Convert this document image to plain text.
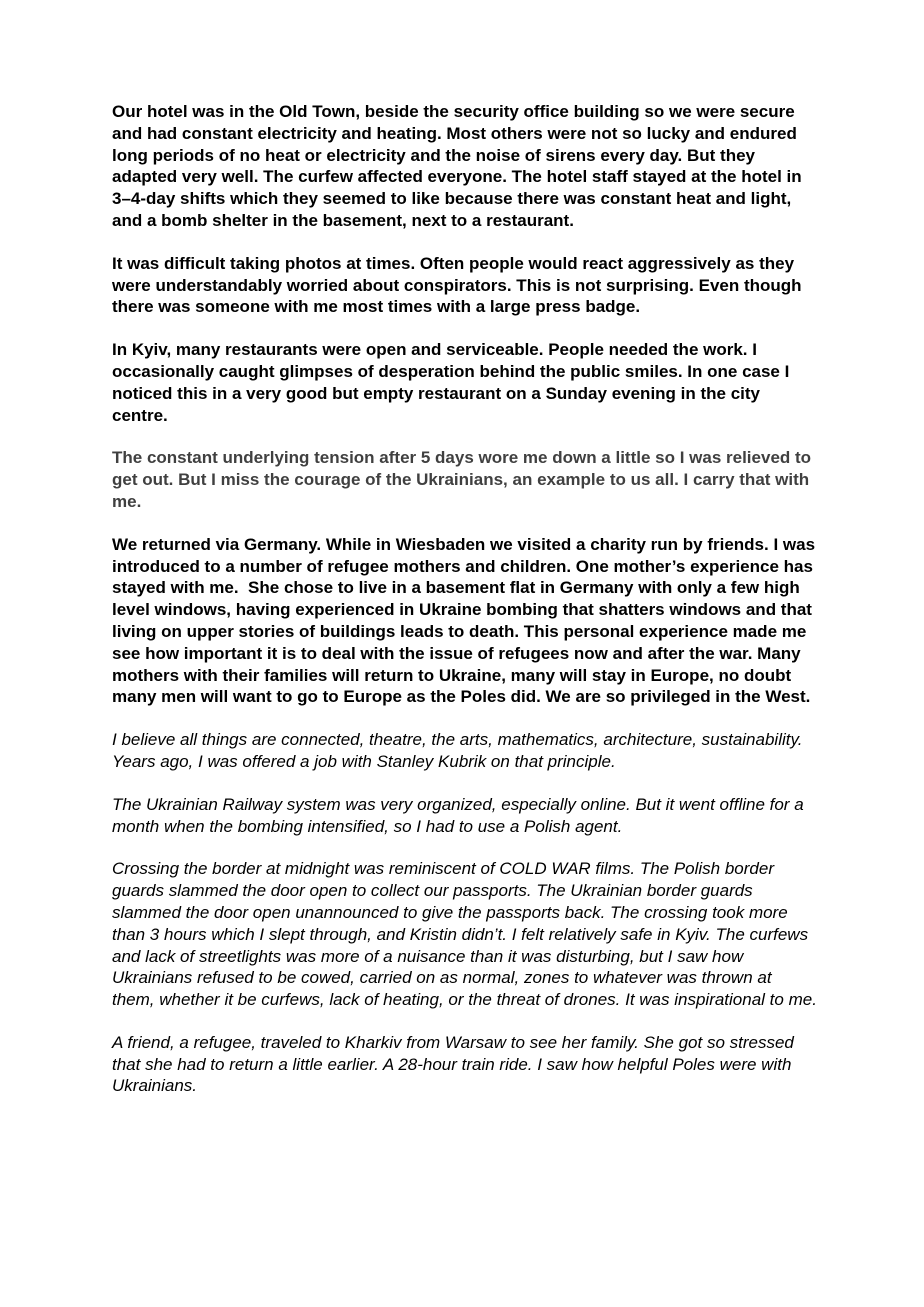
Our hotel was in the Old Town, beside the security office building so we were secure and had constant electricity and heating. Most others were not so lucky and endured long periods of no heat or electricity and the noise of sirens every day. But they adapted very well. The curfew affected everyone. The hotel staff stayed at the hotel in 3–4-day shifts which they seemed to like because there was constant heat and light, and a bomb shelter in the basement, next to a restaurant.

It was difficult taking photos at times. Often people would react aggressively as they were understandably worried about conspirators. This is not surprising. Even though there was someone with me most times with a large press badge.

In Kyiv, many restaurants were open and serviceable. People needed the work. I occasionally caught glimpses of desperation behind the public smiles. In one case I noticed this in a very good but empty restaurant on a Sunday evening in the city centre.

The constant underlying tension after 5 days wore me down a little so I was relieved to get out. But I miss the courage of the Ukrainians, an example to us all. I carry that with me.

We returned via Germany. While in Wiesbaden we visited a charity run by friends. I was introduced to a number of refugee mothers and children. One mother’s experience has stayed with me.  She chose to live in a basement flat in Germany with only a few high level windows, having experienced in Ukraine bombing that shatters windows and that living on upper stories of buildings leads to death. This personal experience made me see how important it is to deal with the issue of refugees now and after the war. Many mothers with their families will return to Ukraine, many will stay in Europe, no doubt many men will want to go to Europe as the Poles did. We are so privileged in the West.

I believe all things are connected, theatre, the arts, mathematics, architecture, sustainability. Years ago, I was offered a job with Stanley Kubrik on that principle.

The Ukrainian Railway system was very organized, especially online. But it went offline for a month when the bombing intensified, so I had to use a Polish agent.

Crossing the border at midnight was reminiscent of COLD WAR films. The Polish border guards slammed the door open to collect our passports. The Ukrainian border guards slammed the door open unannounced to give the passports back. The crossing took more than 3 hours which I slept through, and Kristin didn’t. I felt relatively safe in Kyiv. The curfews and lack of streetlights was more of a nuisance than it was disturbing, but I saw how Ukrainians refused to be cowed, carried on as normal, zones to whatever was thrown at them, whether it be curfews, lack of heating, or the threat of drones. It was inspirational to me.

A friend, a refugee, traveled to Kharkiv from Warsaw to see her family. She got so stressed that she had to return a little earlier. A 28-hour train ride. I saw how helpful Poles were with Ukrainians.
